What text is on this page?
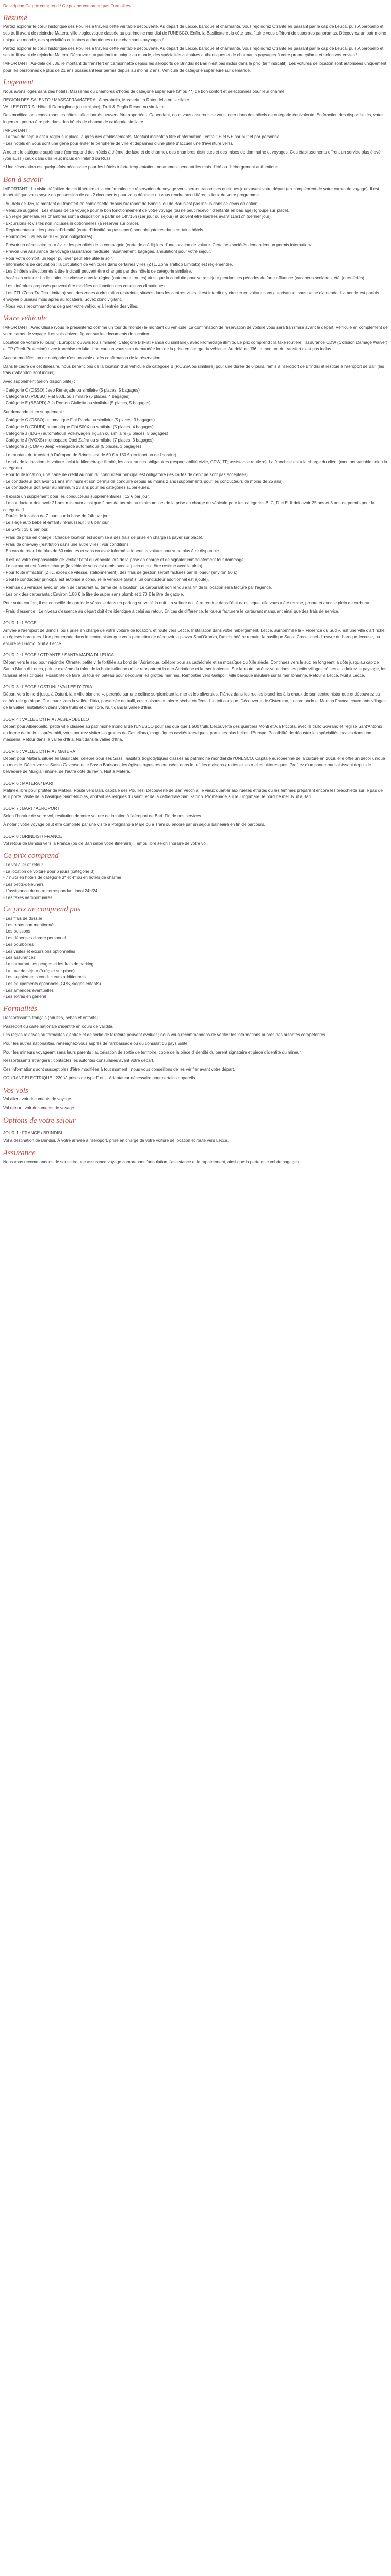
Description Ce prix comprend / Ce prix ne comprend pas Formalités

Résumé

Partez explorer le cœur historique des Pouilles à travers cette véritable découverte. Au départ de Lecce, baroque et charmante, vous rejoindrez Otrante en passant par le cap de Leuca, puis Alberobello et ses trulli avant de rejoindre Matera, ville troglodytique classée au patrimoine mondial de l'UNESCO. Enfin, la Basilicate et la côte amalfitaine vous offriront de superbes panoramas. Découvrez un patrimoine unique au monde, des spécialités culinaires authentiques et de charmants paysages à ...

Partez explorer le cœur historique des Pouilles à travers cette véritable découverte. Au départ de Lecce, baroque et charmante, vous rejoindrez Otrante en passant par le cap de Leuca, puis Alberobello et ses trulli avant de rejoindre Matera. Découvrez un patrimoine unique au monde, des spécialités culinaires authentiques et de charmants paysages à votre propre rythme et selon vos envies !

IMPORTANT : Au-delà de J36, le montant du transfert en camionnette depuis les aéroports de Brindisi et Bari n'est pas inclus dans le prix (tarif indicatif). Les voitures de location sont autorisées uniquement pour les personnes de plus de 21 ans possédant leur permis depuis au moins 2 ans. Véhicule de catégorie supérieure sur demande.

Logement

Nous avons logés dans des hôtels, Masserias ou chambres d'hôtes de catégorie supérieure (3* ou 4*) de bon confort et sélectionnés pour leur charme.

REGION DES SALENTO / MASSAFRA/MATERA : Alberobello, Masseria La Rotondella ou similaire
VALLEE D'ITRIA : Hôtel Il Dormiglione (ou similaire), Trulli & Puglia Resort ou similaire

Des modifications concernant les hôtels sélectionnés peuvent être apportées. Cependant, nous vous assurons de vous loger dans des hôtels de catégorie équivalente. En fonction des disponibilités, votre logement pourra être pris dans des hôtels de charme de catégorie similaire.

IMPORTANT :
- La taxe de séjour est à régler sur place, auprès des établissements. Montant indicatif à titre d'information : entre 1 € et 5 € par nuit et par personne.
- Les hôtels en vous sont une gêne pour éviter le périphérie de ville et dépannés d'une plate d'accueil une (l'aventure vers).

A noter : le catégorie supérieure (correspond des hôtels à thème, de luxe et de charme). des chambres distinctes et des mises de dommaine et voyages. Ces établissements offrent un service plus élevé (voir aussi) ceux dans des lieux inclus en Ireland ou Russ.

* Une réservation est quelquefois nécessaire pour les hôtels à forte fréquentation, notamment pendant les mois d'été ou l'hébergement authentique.

Bon à savoir

IMPORTANT ! La visite définitive de cet itinéraire et la confirmation de réservation du voyage vous seront transmises quelques jours avant votre départ (en complément de votre carnet de voyage). Il est impératif que vous soyez en possession de ces 2 documents pour vous déplacer ou vous rendre aux différents lieux de votre programme.

- Au-delà de J36, le montant du transfert en camionnette depuis l'aéroport de Brindisi ou de Bari n'est pas inclus dans ce devis en option.
- Véhicule suggéré : Les étapes de ce voyage pour le bon fonctionnement de votre voyage (ou ne peut recevoir d'enfants en bas âge) (groupe sur place).
- En règle générale, les chambres sont à disposition à partir de 14h/15h (1er jour du séjour) et doivent être libérées avant 11h/12h (dernier jour).
- Excursions et visites non incluses ni optionnelles (à réserver sur place).
- Réglementation : les pièces d'identité (carte d'identité ou passeport) sont obligatoires dans certains hôtels.
- Pourboires : usuels de 10 % (non obligatoires).

- Prévoir un nécessaire pour éviter les pénalités de la compagnie (carte de crédit) lors d'une location de voiture. Certaines sociétés demandent un permis international.
- Prévoir une Assurance de voyage (assistance médicale, rapatriement, bagages, annulation) pour votre séjour.
- Pour votre confort, un léger pullover peut être utile le soir.
- Informations de circulation : la circulation de véhicules dans certaines villes (ZTL, Zona Traffico Limitato) est réglementée.
- Les 2 hôtels sélectionnés à titre indicatif peuvent être changés par des hôtels de catégorie similaire.
- Accès en voiture : La limitation de vitesse dans la région (autoroute, routes) ainsi que la conduite pour votre séjour pendant les périodes de forte affluence (vacances scolaires, été, jours fériés).

- Les itinéraires proposés peuvent être modifiés en fonction des conditions climatiques.
- Les ZTL (Zona Traffico Limitato) sont des zones à circulation restreinte, situées dans les centres-villes. Il est interdit d'y circuler en voiture sans autorisation, sous peine d'amende. L'amende est parfois envoyée plusieurs mois après au locataire. Soyez donc vigilant.
- Nous vous recommandons de garer votre véhicule à l'entrée des villes.

Votre véhicule

IMPORTANT : Avec Ulisse (vous le présenterez comme un tour du monde) le montant du véhicule. La confirmation de réservation de voiture vous sera transmise avant le départ. Véhicule en complément de votre carnet de voyage. Les vols doivent figurer sur les documents de location.

Location de voiture (6 jours) : Europcar ou Avis (ou similaire). Catégorie B (Fiat Panda ou similaire), avec kilométrage illimité. Le prix comprend : la taxe routière, l'assurance CDW (Collision Damage Waiver) et TP (Theft Protection) avec franchise réduite. Une caution vous sera demandée lors de la prise en charge du véhicule. Au-delà de J36, le montant du transfert n'est pas inclus.

Aucune modification de catégorie n'est possible après confirmation de la réservation.

Dans le cadre de cet itinéraire, nous bénéficions de la location d'un véhicule de catégorie B (ROSSA ou similaire) pour une durée de 6 jours, remis à l'aéroport de Brindisi et restitué à l'aéroport de Bari (les frais d'abandon sont inclus).

Avec supplément (selon disponibilité) :

- Catégorie C (OSSO) Jeep Renegade ou similaire (5 places, 5 bagages)
- Catégorie D (VOLSO) Fiat 500L ou similaire (5 places, 4 bagages)
- Catégorie E (BEARD) Alfa Romeo Giulietta ou similaire (5 places, 5 bagages)

Sur demande et en supplément :

- Catégorie C (OSSO) automatique Fiat Panda ou similaire (5 places, 3 bagages)
- Catégorie D (CDUDI) automatique Fiat 500X ou similaire (5 places, 4 bagages)
- Catégorie J (IDGR) automatique Volkswagen Tiguan ou similaire (5 places, 5 bagages)
- Catégorie J (IVOXS) monospace Opel Zafira ou similaire (7 places, 3 bagages)
- Catégorie J (CDMR) Jeep Renegade automatique (5 places, 3 bagages)

- Le montant du transfert à l'aéroport de Brindisi est de 60 € à 150 € (en fonction de l'horaire).
- Le prix de la location de voiture inclut le kilométrage illimité, les assurances obligatoires (responsabilité civile, CDW, TP, assistance routière). La franchise est à la charge du client (montant variable selon la catégorie).
- Pour toute location, une carte de crédit au nom du conducteur principal est obligatoire (les cartes de débit ne sont pas acceptées).
- Le conducteur doit avoir 21 ans minimum et son permis de conduire depuis au moins 2 ans (suppléments pour les conducteurs de moins de 25 ans).
- Le conducteur doit avoir au minimum 23 ans pour les catégories supérieures.

- Il existe un supplément pour les conducteurs supplémentaires : 12 € par jour.
- Le conducteur doit avoir 21 ans minimum ainsi que 2 ans de permis au minimum lors de la prise en charge du véhicule pour les catégories B, C, D et E. Il doit avoir 25 ans et 3 ans de permis pour la catégorie J.
- Durée de location de 7 jours sur la base de 24h par jour.
- Le siège auto bébé et enfant / rehausseur : 8 € par jour.
- Le GPS : 15 € par jour.

- Frais de prise en charge : Chaque location est soumise à des frais de prise en charge (à payer sur place).
- Frais de one-way (restitution dans une autre ville) : voir conditions.
- En cas de retard de plus de 60 minutes et sans en avoir informé le loueur, la voiture pourra ne plus être disponible.

- Il est de votre responsabilité de vérifier l'état du véhicule lors de la prise en charge et de signaler immédiatement tout dommage.
- Le carburant est à votre charge (le véhicule vous est remis avec le plein et doit être restitué avec le plein).
- Pour toute infraction (ZTL, excès de vitesse, stationnement), des frais de gestion seront facturés par le loueur (environ 50 €).
- Seul le conducteur principal est autorisé à conduire le véhicule (sauf si un conducteur additionnel est ajouté).

- Remise du véhicule avec un plein de carburant au terme de la location. Le carburant non rendu à la fin de la location sera facturé par l'agence.
- Les prix des carburants : Environ 1.80 € le litre de super sans plomb et 1.70 € le litre de gazole.

Pour votre confort, il est conseillé de garder le véhicule dans un parking surveillé la nuit. La voiture doit être rendue dans l'état dans lequel elle vous a été remise, propre et avec le plein de carburant.

- Frais d'essence : Le niveau d'essence au départ doit être identique à celui au retour. En cas de différence, le loueur facturera le carburant manquant ainsi que des frais de service.

JOUR 1 : LECCE

Arrivée à l'aéroport de Brindisi puis prise en charge de votre voiture de location, et route vers Lecce. Installation dans votre hébergement. Lecce, surnommée la « Florence du Sud », est une ville d'art riche en églises baroques. Une promenade dans le centre historique vous permettra de découvrir la piazza Sant'Oronzo, l'amphithéâtre romain, la basilique Santa Croce, chef-d'œuvre du baroque leccese, ou encore le Duomo. Nuit à Lecce.

JOUR 2 : LECCE / OTRANTE / SANTA MARIA DI LEUCA

Départ vers le sud pour rejoindre Otrante, petite ville fortifiée au bord de l'Adriatique, célèbre pour sa cathédrale et sa mosaïque du XIIe siècle. Continuez vers le sud en longeant la côte jusqu'au cap de Santa Maria di Leuca, pointe extrême du talon de la botte italienne où se rencontrent la mer Adriatique et la mer Ionienne. Sur la route, arrêtez-vous dans les petits villages côtiers et admirez le paysage, les falaises et les criques. Possibilité de faire un tour en bateau pour découvrir les grottes marines. Remontée vers Gallipoli, ville baroque insulaire sur la mer Ionienne. Retour à Lecce. Nuit à Lecce.

JOUR 3 : LECCE / OSTUNI / VALLÉE D'ITRIA

Départ vers le nord jusqu'à Ostuni, la « ville blanche », perchée sur une colline surplombant la mer et les oliveraies. Flânez dans les ruelles blanchies à la chaux de son centre historique et découvrez sa cathédrale gothique. Continuez vers la vallée d'Itria, parsemée de trulli, ces maisons en pierre sèche coiffées d'un toit conique. Découverte de Cisternino, Locorotondo et Martina Franca, charmants villages de la vallée. Installation dans votre trullo et dîner libre. Nuit dans la vallée d'Itria.

JOUR 4 : VALLÉE D'ITRIA / ALBEROBELLO

Départ pour Alberobello, petite ville classée au patrimoine mondial de l'UNESCO pour ses quelque 1 500 trulli. Découverte des quartiers Monti et Aia Piccola, avec le trullo Sovrano et l'église Sant'Antonio en forme de trullo. L'après-midi, vous pourrez visiter les grottes de Castellana, magnifiques cavités karstiques, parmi les plus belles d'Europe. Possibilité de déguster les spécialités locales dans une masseria. Retour dans la vallée d'Itria. Nuit dans la vallée d'Itria.

JOUR 5 : VALLÉE D'ITRIA / MATERA

Départ pour Matera, située en Basilicate, célèbre pour ses Sassi, habitats troglodytiques classés au patrimoine mondial de l'UNESCO. Capitale européenne de la culture en 2019, elle offre un décor unique au monde. Découvrez le Sasso Caveoso et le Sasso Barisano, les églises rupestres creusées dans le tuf, les maisons-grottes et les ruelles pittoresques. Profitez d'un panorama saisissant depuis le belvédère de Murgia Timone, de l'autre côté du ravin. Nuit à Matera.

JOUR 6 : MATERA / BARI

Matinée libre pour profiter de Matera. Route vers Bari, capitale des Pouilles. Découverte de Bari Vecchia, le vieux quartier aux ruelles étroites où les femmes préparent encore les orecchiette sur le pas de leur porte. Visite de la basilique Saint-Nicolas, abritant les reliques du saint, et de la cathédrale San Sabino. Promenade sur le lungomare, le bord de mer. Nuit à Bari.

JOUR 7 : BARI / AÉROPORT

Selon l'horaire de votre vol, restitution de votre voiture de location à l'aéroport de Bari. Fin de nos services.

À noter : votre voyage peut être complété par une visite à Polignano a Mare ou à Trani ou encore par un séjour balnéaire en fin de parcours.

JOUR 8 : BRINDISI / FRANCE

Vol retour de Brindisi vers la France (ou de Bari selon votre itinéraire). Temps libre selon l'horaire de votre vol.

Ce prix comprend
- Le vol aller et retour
- La location de voiture pour 6 jours (catégorie B)
- 7 nuits en hôtels de catégorie 3* et 4* ou en hôtels de charme
- Les petits-déjeuners
- L'assistance de notre correspondant local 24h/24
- Les taxes aéroportuaires
Ce prix ne comprend pas
- Les frais de dossier
- Les repas non mentionnés
- Les boissons
- Les dépenses d'ordre personnel
- Les pourboires
- Les visites et excursions optionnelles
- Les assurances
- Le carburant, les péages et les frais de parking
- La taxe de séjour (à régler sur place)
- Les suppléments conducteurs additionnels
- Les équipements optionnels (GPS, sièges enfants)
- Les amendes éventuelles
- Les extras en général
Formalités

Ressortissants français (adultes, bébés et enfants) :

Passeport ou carte nationale d'identité en cours de validité.

Les règles relatives au formalités d'entrée et de sortie de territoire peuvent évoluer ; nous vous recommandons de vérifier les informations auprès des autorités compétentes.

Pour les autres nationalités, renseignez-vous auprès de l'ambassade ou du consulat du pays visité.

Pour les mineurs voyageant sans leurs parents : autorisation de sortie de territoire, copie de la pièce d'identité du parent signataire et pièce d'identité du mineur.

Ressortissants étrangers : contactez les autorités consulaires avant votre départ.

Ces informations sont susceptibles d'être modifiées à tout moment ; nous vous conseillons de les vérifier avant votre départ.

COURANT ÉLECTRIQUE : 220 V, prises de type F et L. Adaptateur nécessaire pour certains appareils.

Vos vols

Vol aller : voir documents de voyage

Vol retour : voir documents de voyage

Options de votre séjour
JOUR 1 : FRANCE / BRINDISI

Vol à destination de Brindisi. À votre arrivée à l'aéroport, prise en charge de votre voiture de location et route vers Lecce.

Assurance

Nous vous recommandons de souscrire une assurance voyage comprenant l'annulation, l'assistance et le rapatriement, ainsi que la perte et le vol de bagages.
